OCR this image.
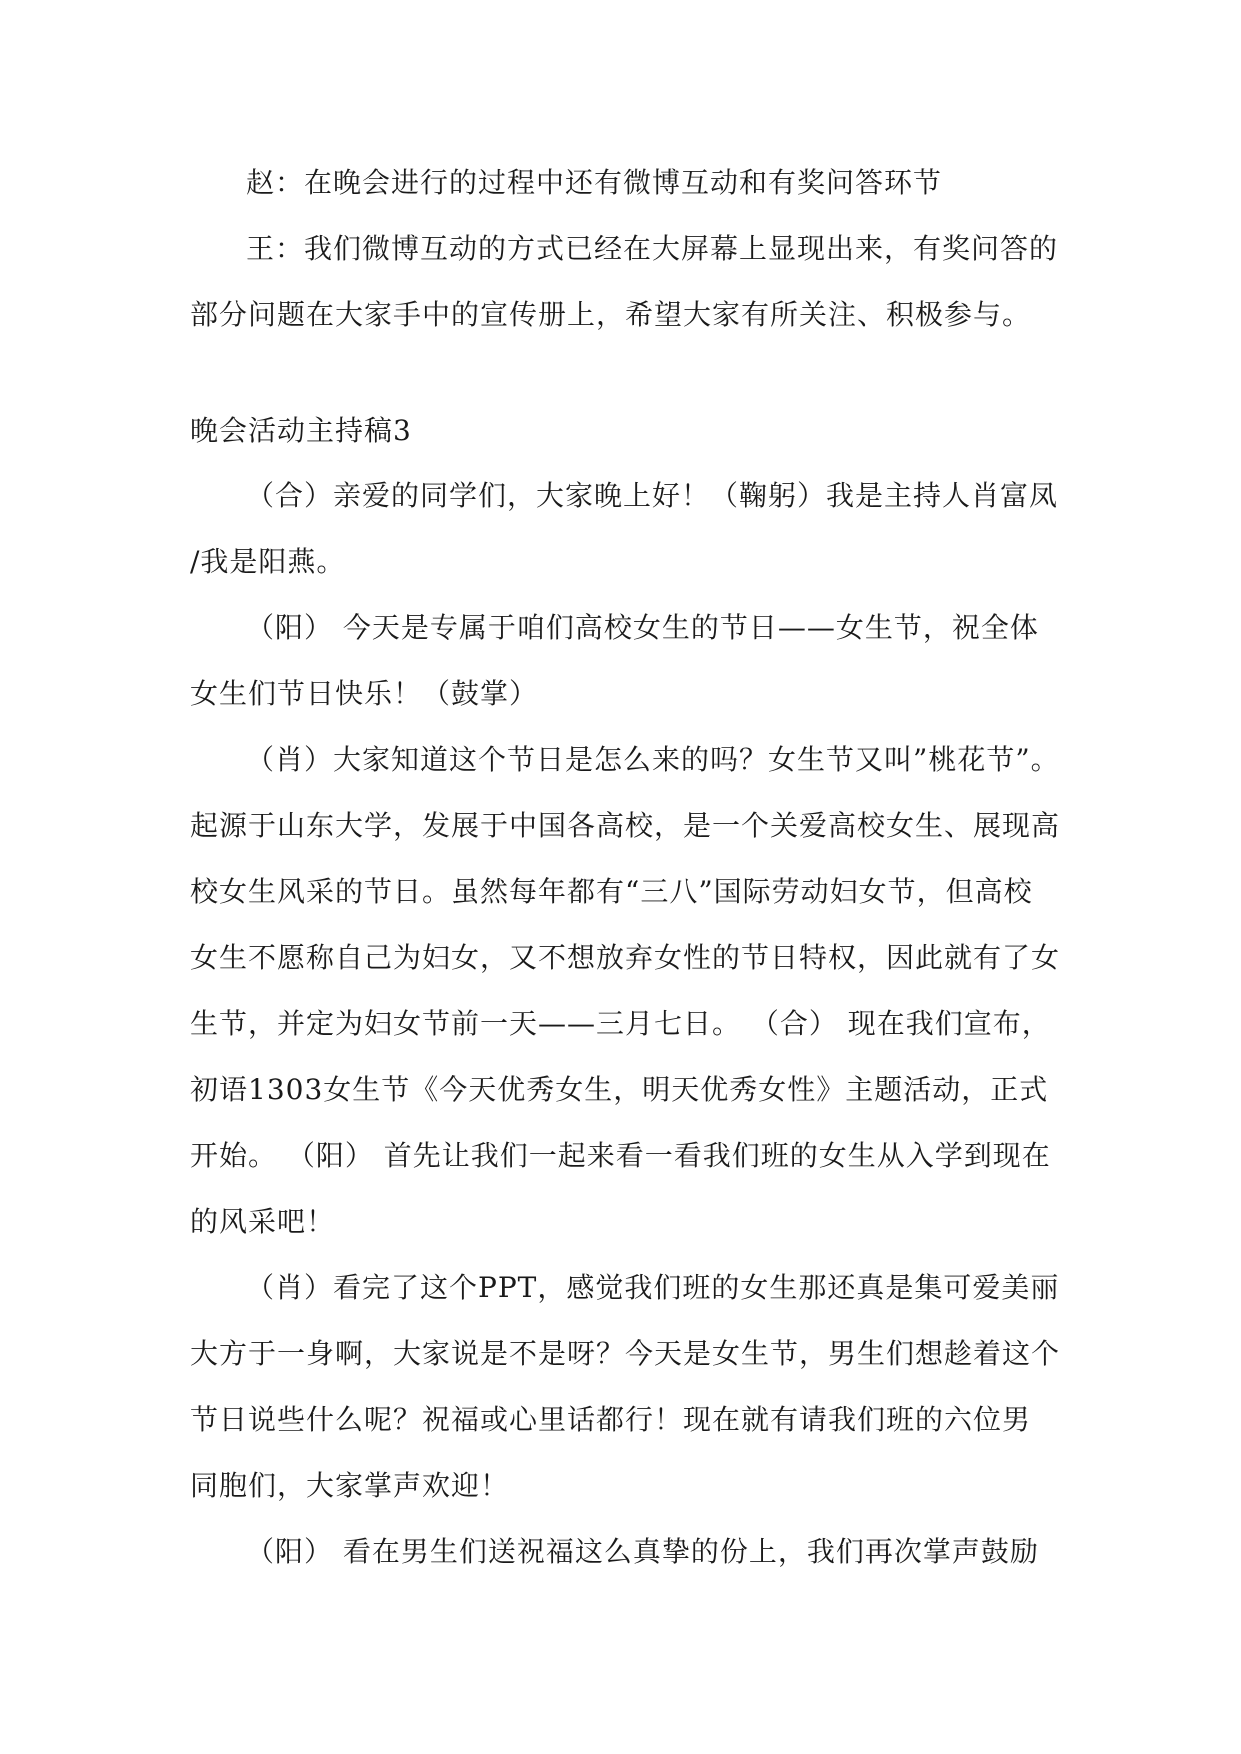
赵：在晚会进行的过程中还有微博互动和有奖问答环节
王：我们微博互动的方式已经在大屏幕上显现出来，有奖问答的
部分问题在大家手中的宣传册上，希望大家有所关注、积极参与。
晚会活动主持稿3
（合）亲爱的同学们，大家晚上好！（鞠躬）我是主持人肖富凤
/我是阳燕。
（阳） 今天是专属于咱们高校女生的节日——女生节，祝全体
女生们节日快乐！（鼓掌）
（肖）大家知道这个节日是怎么来的吗？女生节又叫”桃花节”。
起源于山东大学，发展于中国各高校，是一个关爱高校女生、展现高
校女生风采的节日。虽然每年都有“三八”国际劳动妇女节，但高校
女生不愿称自己为妇女，又不想放弃女性的节日特权，因此就有了女
生节，并定为妇女节前一天——三月七日。 （合） 现在我们宣布，
初语1303女生节《今天优秀女生，明天优秀女性》主题活动，正式
开始。 （阳） 首先让我们一起来看一看我们班的女生从入学到现在
的风采吧！
（肖）看完了这个PPT，感觉我们班的女生那还真是集可爱美丽
大方于一身啊，大家说是不是呀？今天是女生节，男生们想趁着这个
节日说些什么呢？祝福或心里话都行！现在就有请我们班的六位男
同胞们，大家掌声欢迎！
（阳） 看在男生们送祝福这么真挚的份上，我们再次掌声鼓励
